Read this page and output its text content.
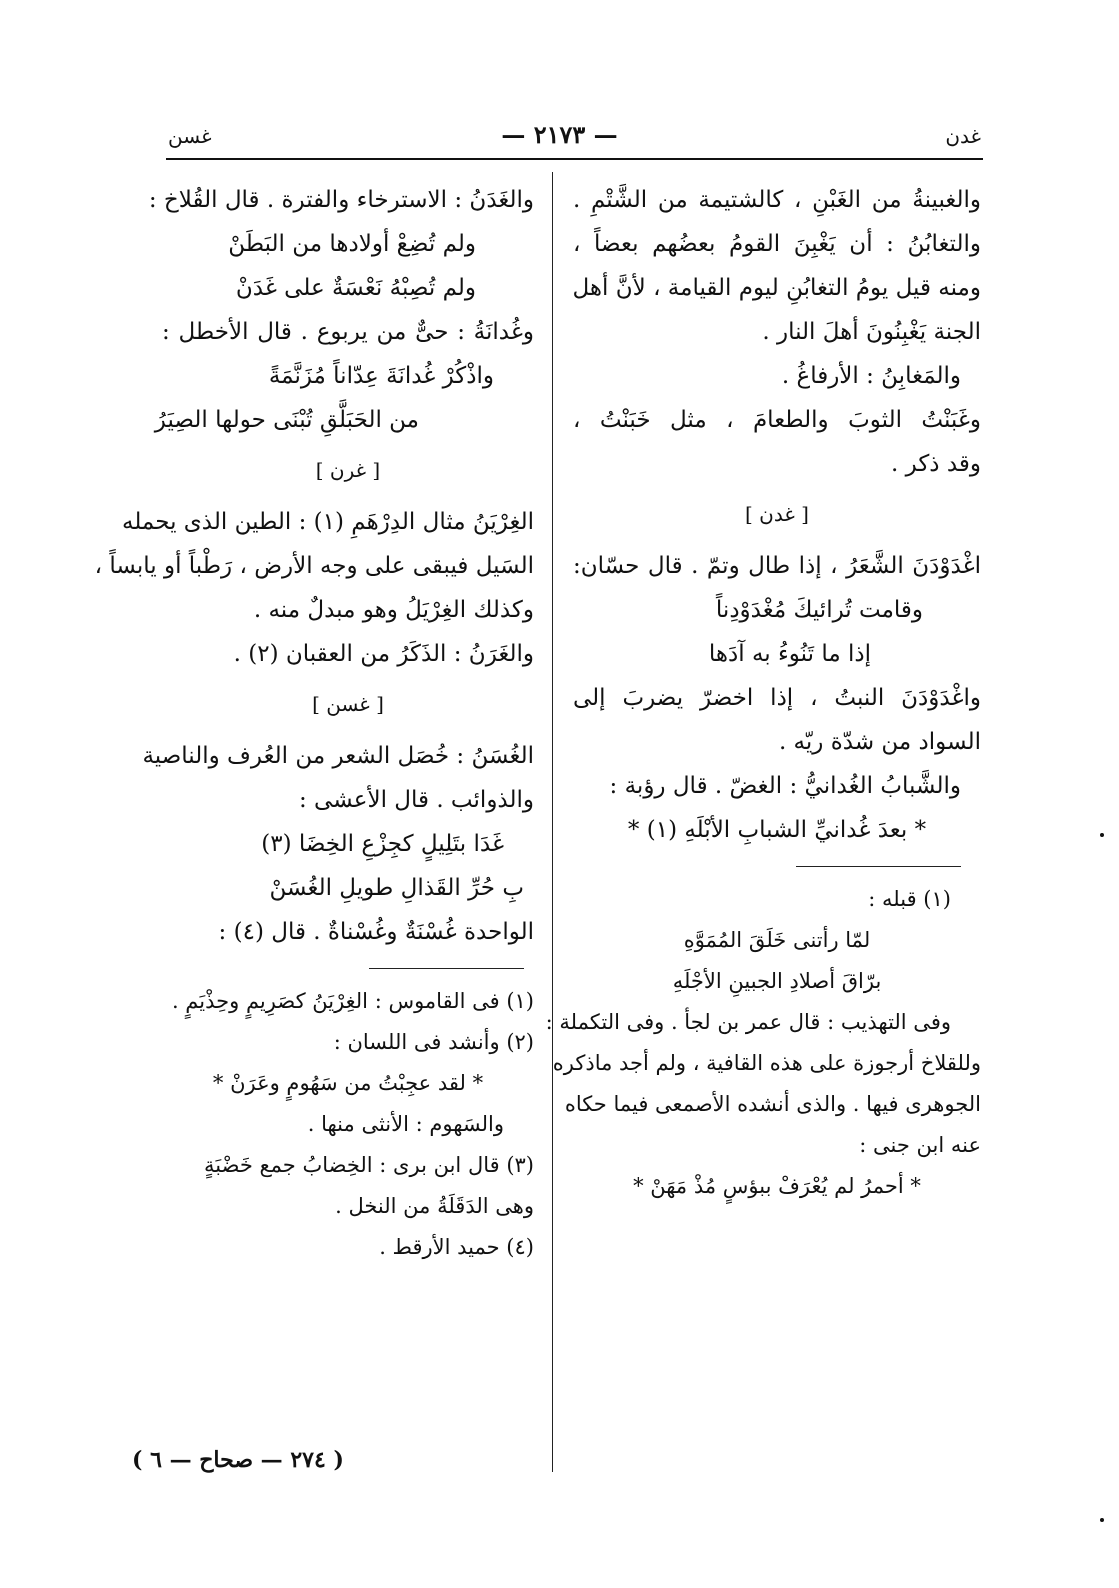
غدن
— ٢١٧٣ —
غسن
والغبينةُ من الغَبْنِ ، كالشتيمة من الشَّتْمِ .
والتغابُنُ : أن يَغْبِنَ القومُ بعضُهم بعضاً ،
ومنه قيل يومُ التغابُنِ ليوم القيامة ، لأنَّ أهل
الجنة يَغْبِنُونَ أهلَ النار .
والمَغابِنُ : الأرفاغُ .
وغَبَنْتُ الثوبَ والطعامَ ، مثل خَبَنْتُ ،
وقد ذكر .
[ غدن ]
اغْدَوْدَنَ الشَّعَرُ ، إذا طال وتمّ . قال حسّان:
وقامت تُرائيكَ مُغْدَوْدِناً
إذا ما تَنُوءُ به آدَها
واغْدَوْدَنَ النبتُ ، إذا اخضرّ يضربَ إلى
السواد من شدّة ريّه .
والشَّبابُ الغُدانيُّ : الغضّ . قال رؤبة :
* بعدَ غُدانيِّ الشبابِ الأبْلَهِ (١) *
(١) قبله :
لمّا رأتنى خَلَقَ المُمَوَّهِ
برّاقَ أصلادِ الجبينِ الأجْلَهِ
وفى التهذيب : قال عمر بن لجأ . وفى التكملة :
وللقلاخ أرجوزة على هذه القافية ، ولم أجد ماذكره
الجوهرى فيها . والذى أنشده الأصمعى فيما حكاه
عنه ابن جنى :
* أحمرُ لم يُعْرَفْ ببؤسٍ مُذْ مَهَنْ *
والغَدَنُ : الاسترخاء والفترة . قال القُلاخ :
ولم تُضِعْ أولادها من البَطَنْ
ولم تُصِبْهُ نَعْسَةٌ على غَدَنْ
وغُدانَةُ : حىٌّ من يربوع . قال الأخطل :
واذْكُرْ غُدانَةَ عِدّاناً مُزَنَّمَةً
من الحَبَلَّقِ تُبْنَى حولها الصِيَرُ
[ غرن ]
الغِرْيَنُ مثال الدِرْهَمِ (١) : الطين الذى يحمله
السَيل فيبقى على وجه الأرض ، رَطْباً أو يابساً ،
وكذلك الغِرْيَلُ وهو مبدلٌ منه .
والغَرَنُ : الذَكَرُ من العقبان (٢) .
[ غسن ]
الغُسَنُ : خُصَل الشعر من العُرف والناصية
والذوائب . قال الأعشى :
غَدَا بتَلِيلٍ كجِزْعِ الخِضَا (٣)
بِ حُرِّ القَذالِ طويلِ الغُسَنْ
الواحدة غُسْنَةٌ وغُسْناةٌ . قال (٤) :
(١) فى القاموس : الغِرْيَنُ كصَرِيمٍ وحِذْيَمٍ .
(٢) وأنشد فى اللسان :
* لقد عجِبْتُ من سَهُومٍ وعَرَنْ *
والسَهوم : الأنثى منها .
(٣) قال ابن برى : الخِضابُ جمع خَضْبَةٍ
وهى الدَقَلَةُ من النخل .
(٤) حميد الأرقط .
( ٢٧٤ — صحاح — ٦ )
